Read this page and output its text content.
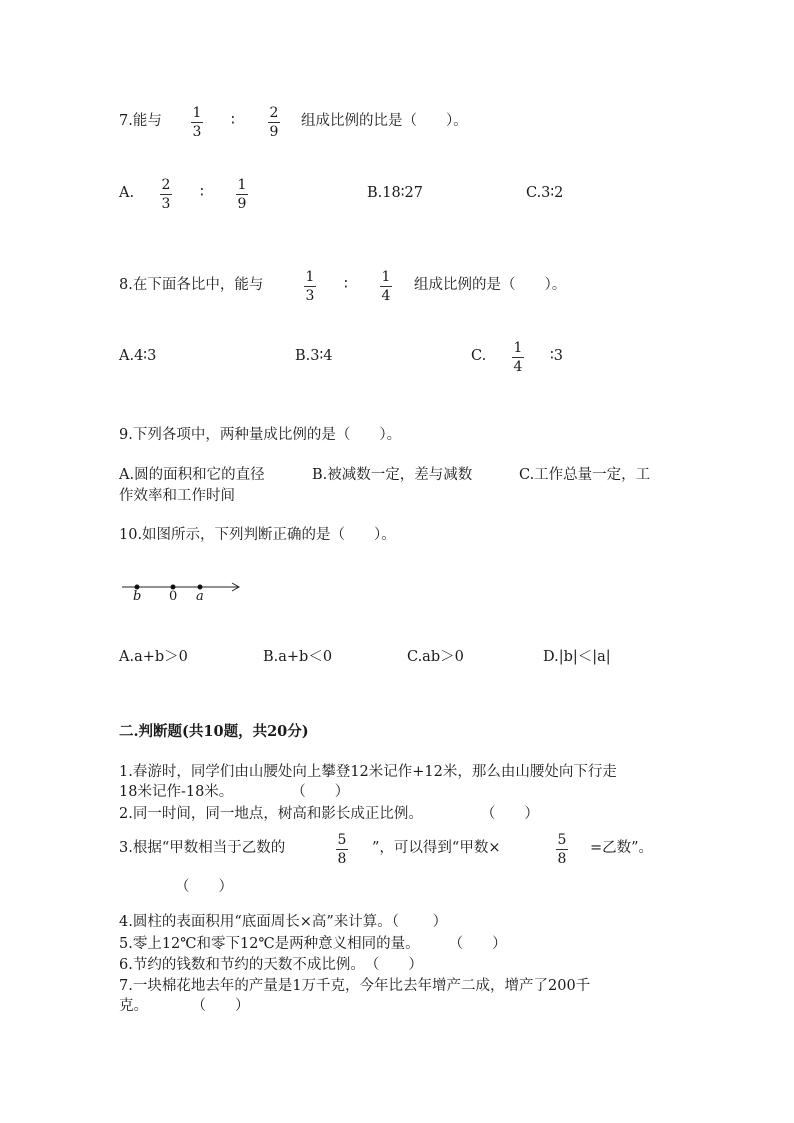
7.能与 1
3
∶ 2
9
组成比例的比是（　　）。
A. 2
3
∶ 1
9
B.18∶27	C.3∶2
8.在下面各比中，能与	1
3
∶ 1
4
组成比例的是（　　）。
A.4∶3	B.3∶4	C. 1
4
∶3
9.下列各项中，两种量成比例的是（　　）。
A.圆的面积和它的直径	B.被减数一定，差与减数	C.工作总量一定，工
作效率和工作时间
10.如图所示，下列判断正确的是（　　）。
b 0 a
A.a+b＞0	B.a+b＜0	C.ab＞0	D.|b|＜|a|
二.判断题(共10题，共20分)
1.春游时，同学们由山腰处向上攀登12米记作+12米，那么由山腰处向下行走
18米记作-18米。　　　　　（　　）
2.同一时间，同一地点，树高和影长成正比例。　　　　　（　　）
3.根据“甲数相当于乙数的	5
8
”，可以得到“甲数×	5
8
=乙数”。
（　　）
4.圆柱的表面积用“底面周长×高”来计算。（　　 ）
5.零上12℃和零下12℃是两种意义相同的量。　　　（　　）
6.节约的钱数和节约的天数不成比例。　（　　）
7.一块棉花地去年的产量是1万千克，今年比去年增产二成，增产了200千
克。　　　　（　　）
